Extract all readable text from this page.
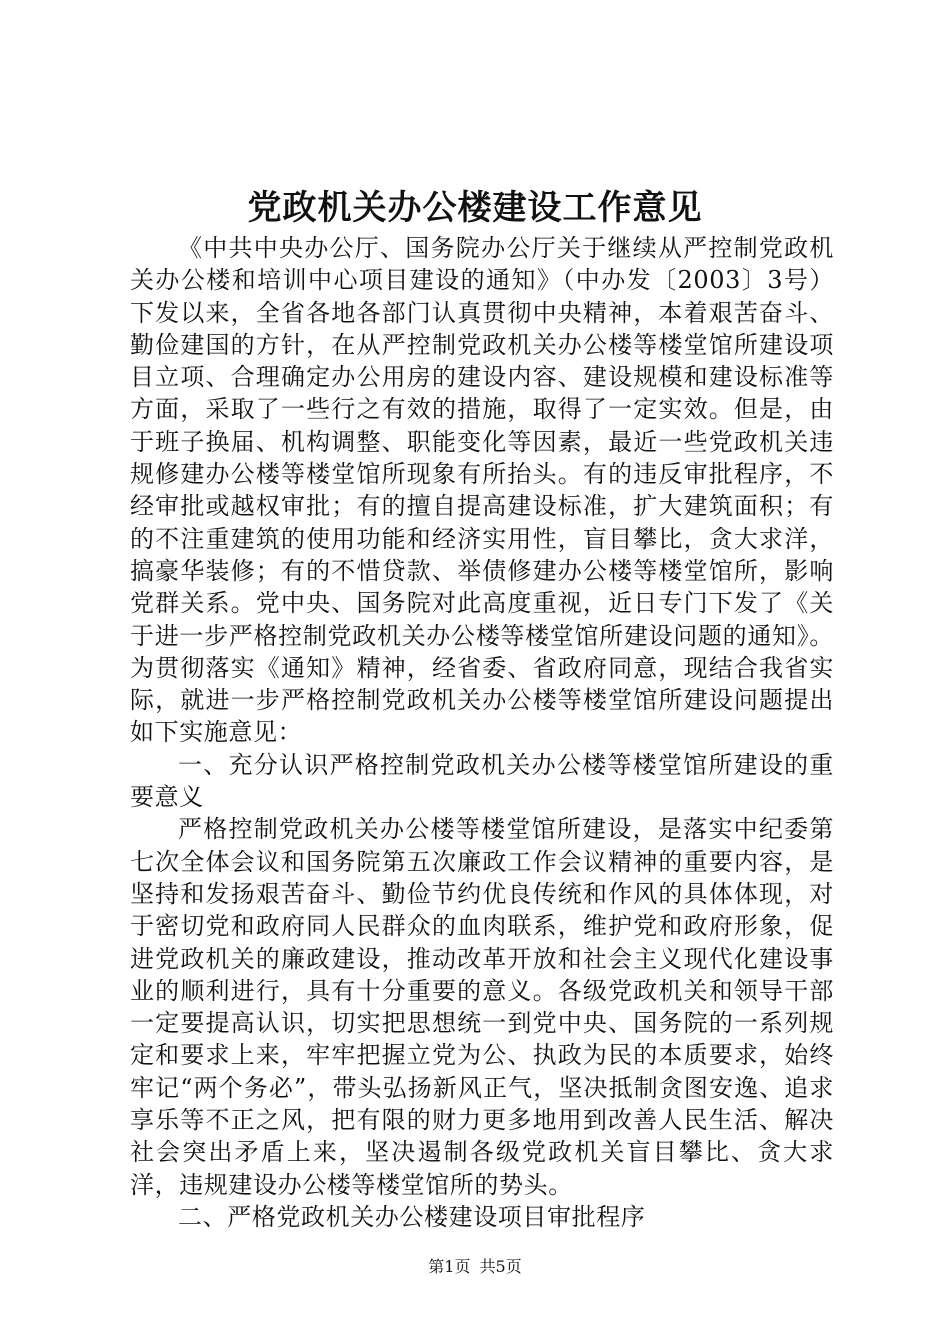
党政机关办公楼建设工作意见

《中共中央办公厅、国务院办公厅关于继续从严控制党政机关办公楼和培训中心项目建设的通知》（中办发〔2003〕3号）下发以来，全省各地各部门认真贯彻中央精神，本着艰苦奋斗、勤俭建国的方针，在从严控制党政机关办公楼等楼堂馆所建设项目立项、合理确定办公用房的建设内容、建设规模和建设标准等方面，采取了一些行之有效的措施，取得了一定实效。但是，由于班子换届、机构调整、职能变化等因素，最近一些党政机关违规修建办公楼等楼堂馆所现象有所抬头。有的违反审批程序，不经审批或越权审批；有的擅自提高建设标准，扩大建筑面积；有的不注重建筑的使用功能和经济实用性，盲目攀比，贪大求洋，搞豪华装修；有的不惜贷款、举债修建办公楼等楼堂馆所，影响党群关系。党中央、国务院对此高度重视，近日专门下发了《关于进一步严格控制党政机关办公楼等楼堂馆所建设问题的通知》。为贯彻落实《通知》精神，经省委、省政府同意，现结合我省实际，就进一步严格控制党政机关办公楼等楼堂馆所建设问题提出如下实施意见：

一、充分认识严格控制党政机关办公楼等楼堂馆所建设的重要意义

严格控制党政机关办公楼等楼堂馆所建设，是落实中纪委第七次全体会议和国务院第五次廉政工作会议精神的重要内容，是坚持和发扬艰苦奋斗、勤俭节约优良传统和作风的具体体现，对于密切党和政府同人民群众的血肉联系，维护党和政府形象，促进党政机关的廉政建设，推动改革开放和社会主义现代化建设事业的顺利进行，具有十分重要的意义。各级党政机关和领导干部一定要提高认识，切实把思想统一到党中央、国务院的一系列规定和要求上来，牢牢把握立党为公、执政为民的本质要求，始终牢记“两个务必”，带头弘扬新风正气，坚决抵制贪图安逸、追求享乐等不正之风，把有限的财力更多地用到改善人民生活、解决社会突出矛盾上来，坚决遏制各级党政机关盲目攀比、贪大求洋，违规建设办公楼等楼堂馆所的势头。

二、严格党政机关办公楼建设项目审批程序

第1页 共5页
